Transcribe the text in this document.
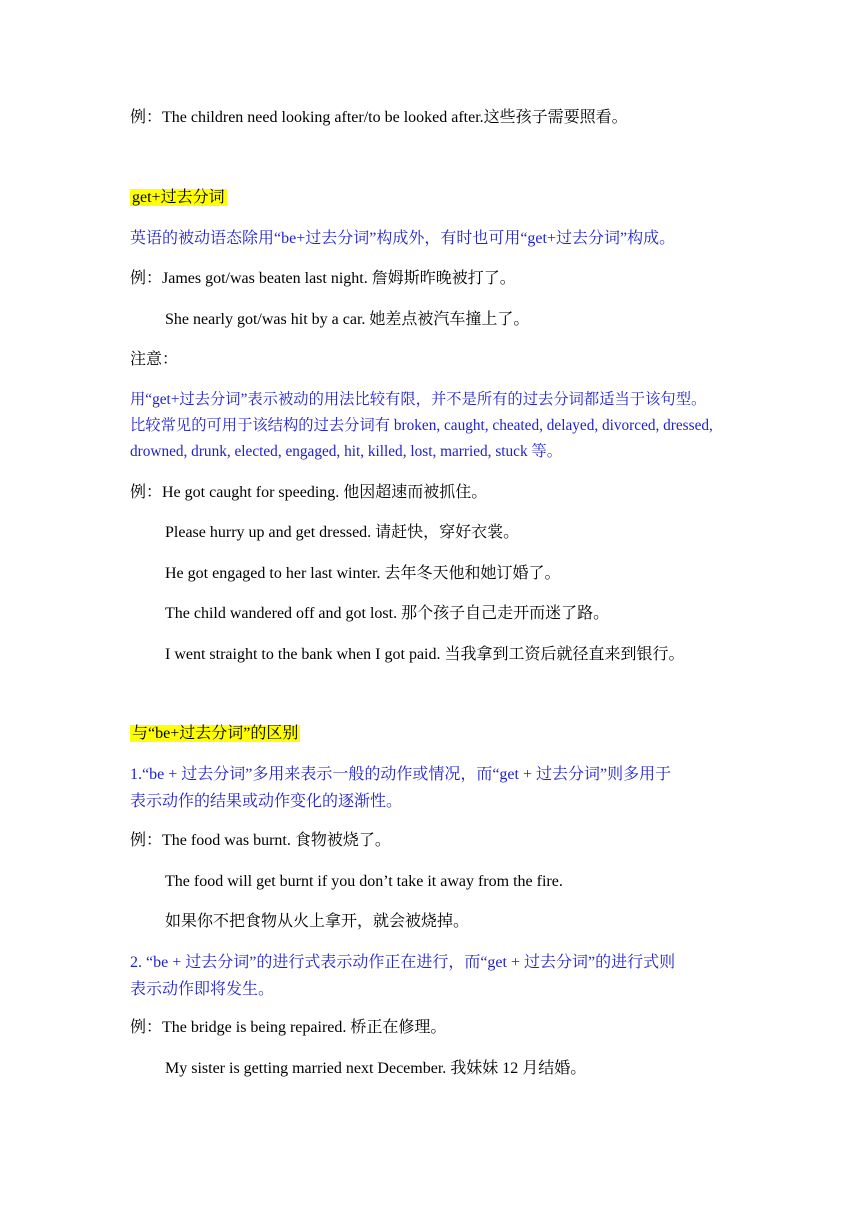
例：The children need looking after/to be looked after.这些孩子需要照看。
get+过去分词
英语的被动语态除用“be+过去分词”构成外，有时也可用“get+过去分词”构成。
例：James got/was beaten last night. 詹姆斯昨晚被打了。
She nearly got/was hit by a car. 她差点被汽车撞上了。
注意：
用“get+过去分词”表示被动的用法比较有限，并不是所有的过去分词都适当于该句型。
比较常见的可用于该结构的过去分词有 broken, caught, cheated, delayed, divorced, dressed,
drowned, drunk, elected, engaged, hit, killed, lost, married, stuck 等。
例：He got caught for speeding. 他因超速而被抓住。
Please hurry up and get dressed. 请赶快，穿好衣裳。
He got engaged to her last winter. 去年冬天他和她订婚了。
The child wandered off and got lost. 那个孩子自己走开而迷了路。
I went straight to the bank when I got paid. 当我拿到工资后就径直来到银行。
与“be+过去分词”的区别
1.“be + 过去分词”多用来表示一般的动作或情况，而“get + 过去分词”则多用于
表示动作的结果或动作变化的逐渐性。
例：The food was burnt. 食物被烧了。
The food will get burnt if you don’t take it away from the fire.
如果你不把食物从火上拿开，就会被烧掉。
2. “be + 过去分词”的进行式表示动作正在进行，而“get + 过去分词”的进行式则
表示动作即将发生。
例：The bridge is being repaired. 桥正在修理。
My sister is getting married next December. 我妹妹 12 月结婚。
